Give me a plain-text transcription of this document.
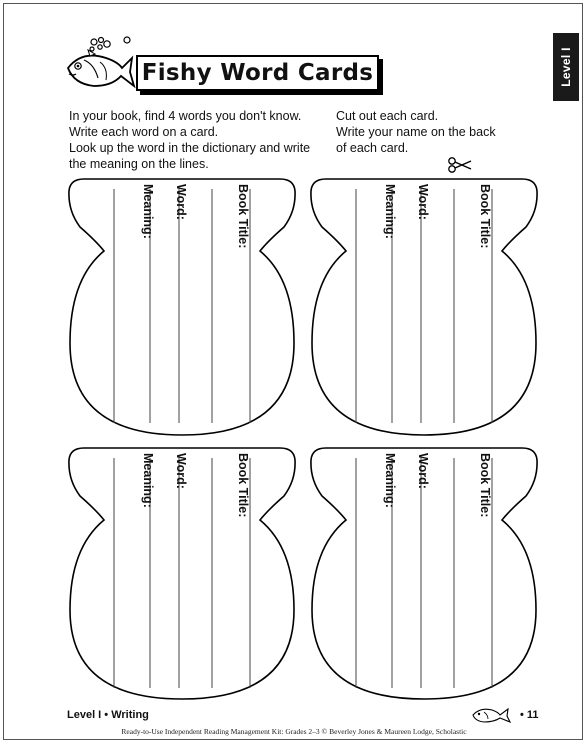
Level I
Fishy Word Cards
In your book, find 4 words you don't know.
Write each word on a card.
Look up the word in the dictionary and write
the meaning on the lines.
Cut out each card.
Write your name on the back
of each card.
Book Title:
Word:
Meaning:	Book Title:
Word:
Meaning:
Book Title:
Word:
Meaning:	Book Title:
Word:
Meaning:
Level I • Writing	• 11
Ready-to-Use Independent Reading Management Kit: Grades 2–3 © Beverley Jones & Maureen Lodge, Scholastic
